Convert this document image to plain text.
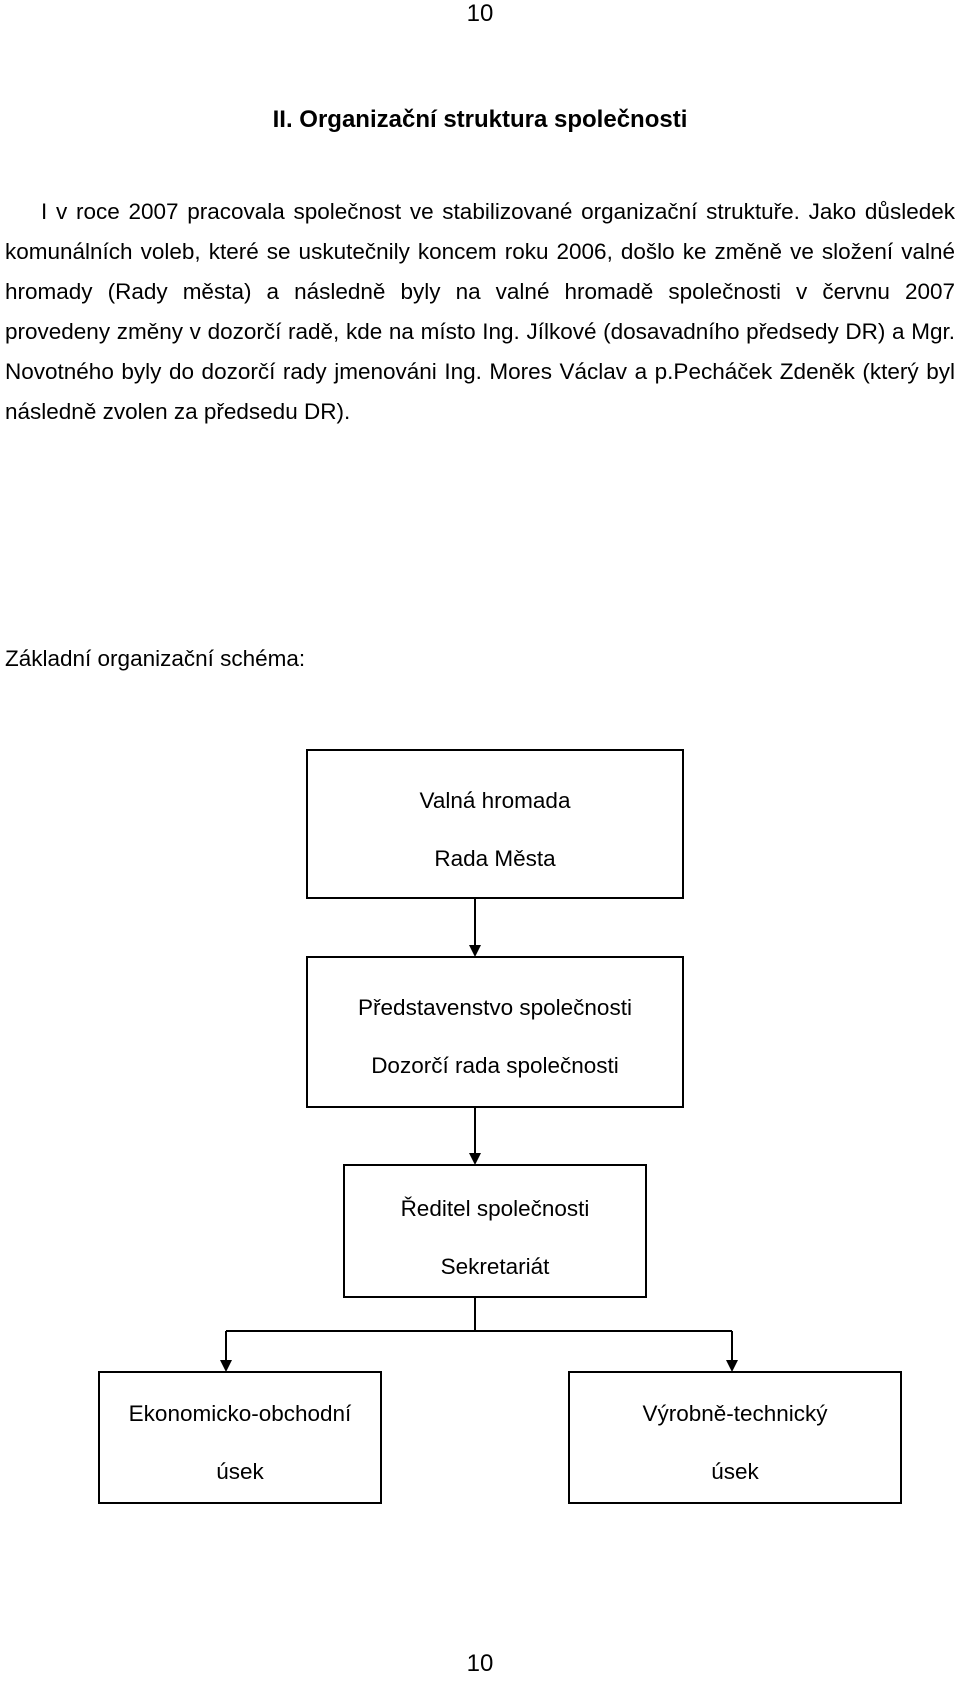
10
II. Organizační struktura společnosti

I v roce 2007 pracovala společnost ve stabilizované organizační struktuře. Jako důsledek komunálních voleb, které se uskutečnily koncem roku 2006, došlo ke změně ve složení valné hromady (Rady města) a následně byly na valné hromadě společnosti v červnu 2007 provedeny změny v dozorčí radě, kde na místo Ing. Jílkové (dosavadního předsedy DR) a Mgr. Novotného byly do dozorčí rady jmenováni Ing. Mores Václav a p.Pecháček Zdeněk (který byl následně zvolen za předsedu DR).

Základní organizační schéma:
Valná hromada
Rada Města
Představenstvo společnosti
Dozorčí rada společnosti
Ředitel společnosti
Sekretariát
Ekonomicko-obchodní
úsek
Výrobně-technický
úsek
10
